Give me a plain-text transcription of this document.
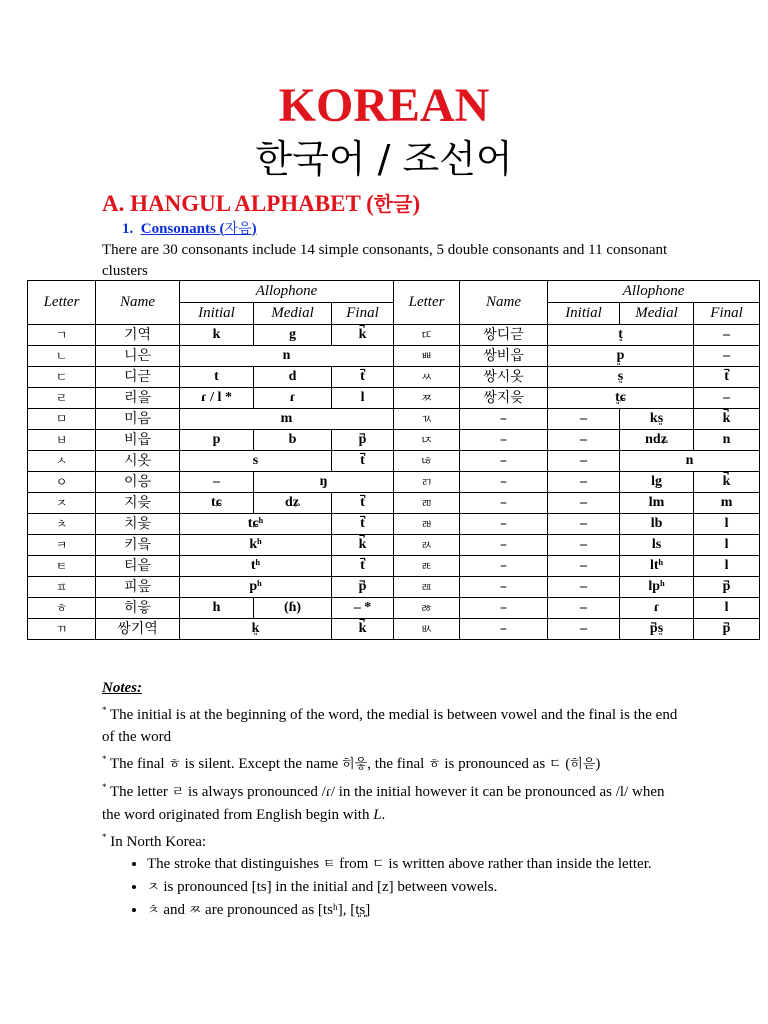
KOREAN
한국어 / 조선어
A. HANGUL ALPHABET (한글)
1. Consonants (자음)
There are 30 consonants include 14 simple consonants, 5 double consonants and 11 consonant clusters
Letter	Name	Allophone			Letter	Name	Allophone		
		Initial	Medial	Final			Initial	Medial	Final
ㄱ	기역	k	g	k̚	ㄸ	쌍디귿	t͈		–
ㄴ	니은	n			ㅃ	쌍비읍	p͈		–
ㄷ	디귿	t	d	t̚	ㅆ	쌍시옷	s͈		t̚
ㄹ	리을	ɾ / l *	ɾ	l	ㅉ	쌍지읒	t͈ɕ		–
ㅁ	미음	m			ㄳ	–	–	ks͈	k̚
ㅂ	비읍	p	b	p̚	ㄵ	–	–	ndʑ	n
ㅅ	시옷	s		t̚	ㄶ	–	–	n	
ㅇ	이응	–	ŋ		ㄺ	–	–	lg	k̚
ㅈ	지읒	tɕ	dʑ	t̚	ㄻ	–	–	lm	m
ㅊ	치읓	tɕʰ		t̚	ㄼ	–	–	lb	l
ㅋ	키읔	kʰ		k̚	ㄽ	–	–	ls	l
ㅌ	티읕	tʰ		t̚	ㄾ	–	–	ltʰ	l
ㅍ	피읖	pʰ		p̚	ㄿ	–	–	lpʰ	p̚
ㅎ	히읗	h	(ɦ)	– *	ㅀ	–	–	ɾ	l
ㄲ	쌍기역	k͈		k̚	ㅄ	–	–	p̚s͈	p̚

Notes:

* The initial is at the beginning of the word, the medial is between vowel and the final is the end of the word

* The final ㅎ is silent. Except the name 히읗, the final ㅎ is pronounced as ㄷ (히읃)

* The letter ㄹ is always pronounced /ɾ/ in the initial however it can be pronounced as /l/ when the word originated from English begin with L.

* In North Korea:

• The stroke that distinguishes ㅌ from ㄷ is written above rather than inside the letter.
• ㅈ is pronounced [ts] in the initial and [z] between vowels.
• ㅊ and ㅉ are pronounced as [tsʰ], [t͈s͈]
